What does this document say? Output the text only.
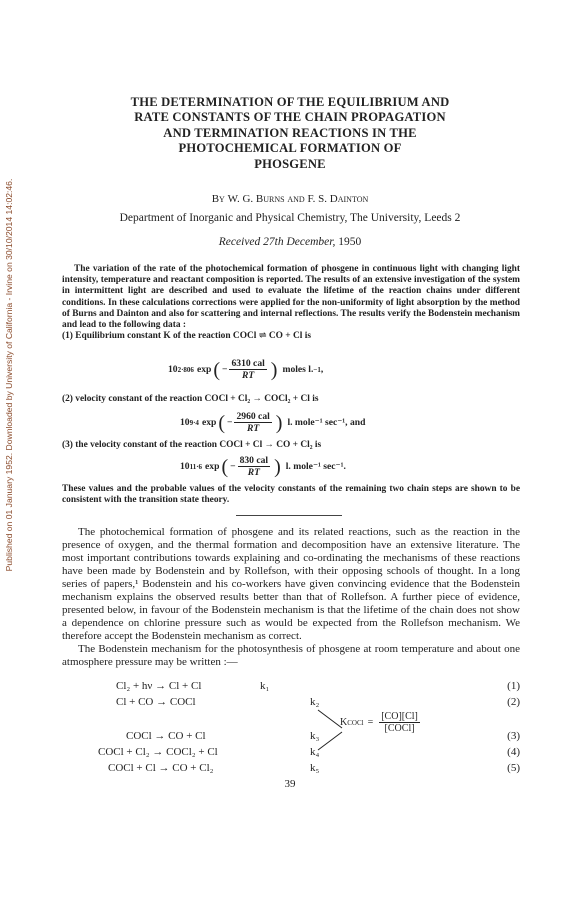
Published on 01 January 1952. Downloaded by University of California - Irvine on 30/10/2014 14:02:46.
THE DETERMINATION OF THE EQUILIBRIUM AND
RATE CONSTANTS OF THE CHAIN PROPAGATION
AND TERMINATION REACTIONS IN THE
PHOTOCHEMICAL FORMATION OF
PHOSGENE
By W. G. Burns and F. S. Dainton
Department of Inorganic and Physical Chemistry, The University, Leeds 2
Received 27th December, 1950

The variation of the rate of the photochemical formation of phosgene in continuous light with changing light intensity, temperature and reactant composition is reported. The results of an extensive investigation of the system in intermittent light are described and used to evaluate the lifetime of the reaction chains under different conditions. In these calculations corrections were applied for the non-uniformity of light absorption by the method of Burns and Dainton and also for scattering and internal reflections. The results verify the Bodenstein mechanism and lead to the following data :

(1) Equilibrium constant K of the reaction COCl ⇌ CO + Cl is
10 2·806 exp ( − $\frac{\text{6310 cal}}{RT}$ ) moles l. −1 ,
(2) velocity constant of the reaction COCl + Cl₂ → COCl₂ + Cl is
10 9·4 exp ( − $\frac{\text{2960 cal}}{RT}$ ) l. mole⁻¹ sec⁻¹, and
(3) the velocity constant of the reaction COCl + Cl → CO + Cl₂ is
10 11·6 exp ( − $\frac{\text{830 cal}}{RT}$ ) l. mole⁻¹ sec⁻¹.
These values and the probable values of the velocity constants of the remaining two chain steps are shown to be consistent with the transition state theory.

The photochemical formation of phosgene and its related reactions, such as the reaction in the presence of oxygen, and the thermal formation and decomposition have an extensive literature. The most important contributions towards explaining and co-ordinating the mechanisms of these reactions have been made by Bodenstein and by Rollefson, with their opposing schools of thought. In a long series of papers,¹ Bodenstein and his co-workers have given convincing evidence that the Bodenstein mechanism explains the observed results better than that of Rollefson. A further piece of evidence, presented below, in favour of the Bodenstein mechanism is that the lifetime of the chain does not show a dependence on chlorine pressure such as would be expected from the Rollefson mechanism. We therefore accept the Bodenstein mechanism as correct.

The Bodenstein mechanism for the photosynthesis of phosgene at room temperature and about one atmosphere pressure may be written :—

Cl₂ + hν → Cl + Cl	k₁	(1)
Cl + CO → COCl	k₂	(2)
K COCl = $\frac{[CO][Cl]}{\text{[COCl]}}$
COCl → CO + Cl	k₃	(3)
COCl + Cl₂ → COCl₂ + Cl	k₄	(4)
COCl + Cl → CO + Cl₂	k₅	(5)
39
